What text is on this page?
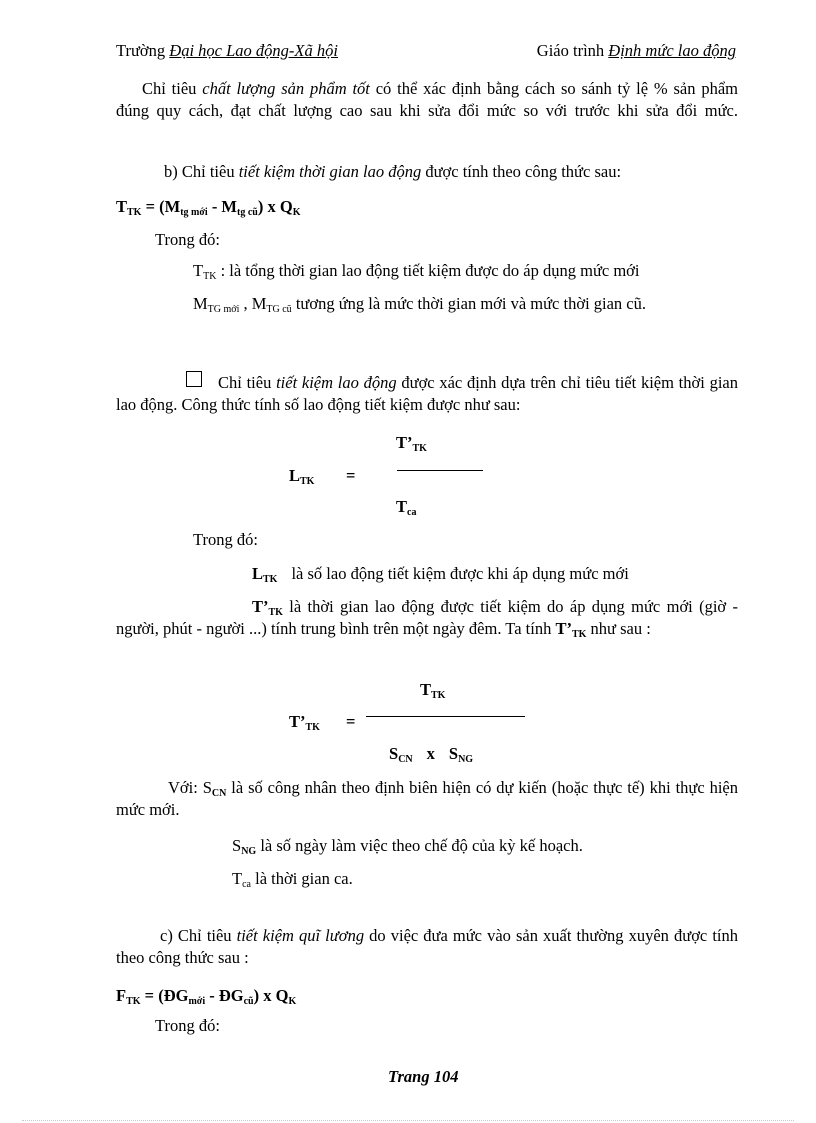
Trường Đại học Lao động-Xã hội	Giáo trình Định mức lao động
Chỉ tiêu chất lượng sản phẩm tốt có thể xác định bằng cách so sánh tỷ lệ % sản phẩm đúng quy cách, đạt chất lượng cao sau khi sửa đổi mức so với trước khi sửa đổi mức.
b) Chỉ tiêu tiết kiệm thời gian lao động được tính theo công thức sau:
$T_{TK} = (M_{tg mới} - M_{tg cũ})$ x $Q_K$
Trong đó:
$T_{TK}$ : là tổng thời gian lao động tiết kiệm được do áp dụng mức mới
$M_{TG mới}$ , $M_{TG cũ}$ tương ứng là mức thời gian mới và mức thời gian cũ.
Chỉ tiêu tiết kiệm lao động được xác định dựa trên chỉ tiêu tiết kiệm thời gian lao động. Công thức tính số lao động tiết kiệm được như sau:
$L_{TK}$ =
$T’_{TK}$
$T_{ca}$
Trong đó:
$L_{TK}$ là số lao động tiết kiệm được khi áp dụng mức mới
$T’_{TK}$ là thời gian lao động được tiết kiệm do áp dụng mức mới (giờ - người, phút - người ...) tính trung bình trên một ngày đêm. Ta tính $T’_{TK}$ như sau :
$T_{TK}$
$T’_{TK}$ =
$S_{CN}$ x $S_{NG}$
Với: $S_{CN}$ là số công nhân theo định biên hiện có dự kiến (hoặc thực tế) khi thực hiện mức mới.
$S_{NG}$ là số ngày làm việc theo chế độ của kỳ kế hoạch.
$T_{ca}$ là thời gian ca.
c) Chỉ tiêu tiết kiệm quĩ lương do việc đưa mức vào sản xuất thường xuyên được tính theo công thức sau :
$F_{TK}$ = ($ĐG_{mới}$ - $ĐG_{cũ}$) x $Q_K$
Trong đó:
Trang 104
